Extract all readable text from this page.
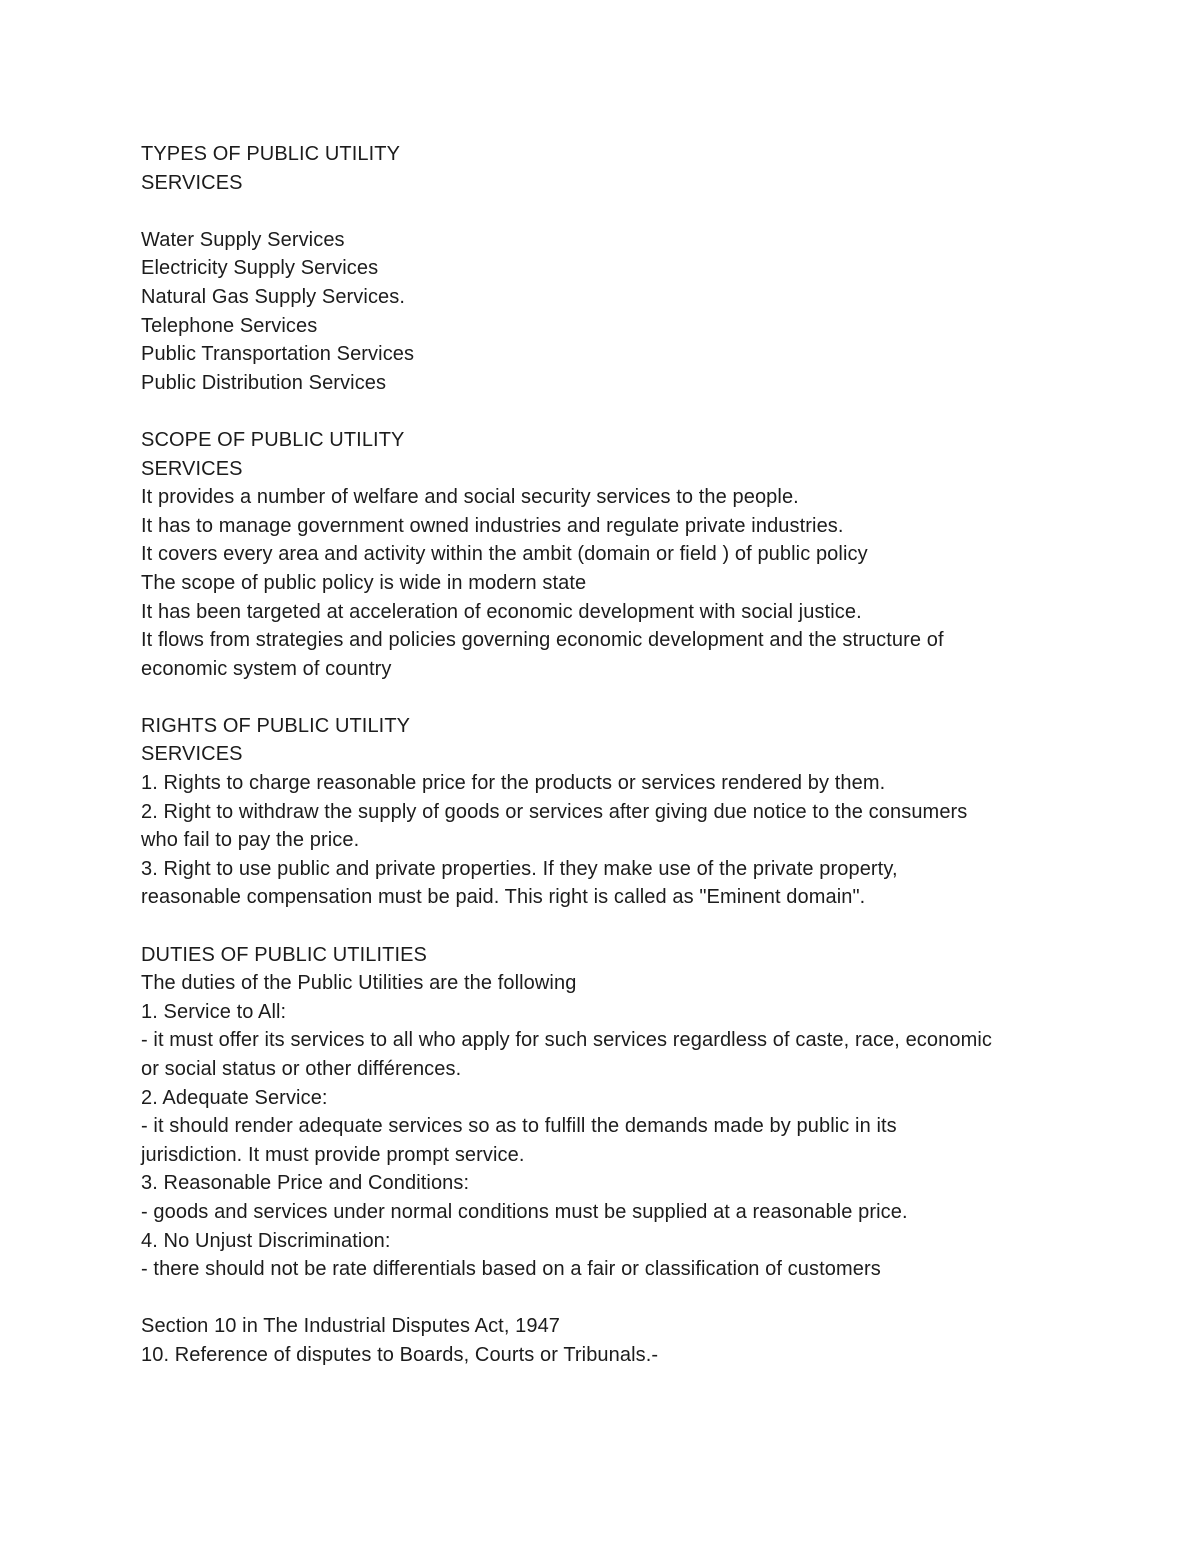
TYPES OF PUBLIC UTILITY
SERVICES
Water Supply Services
Electricity Supply Services
Natural Gas Supply Services.
Telephone Services
Public Transportation Services
Public Distribution Services
SCOPE OF PUBLIC UTILITY
SERVICES
It provides a number of welfare and social security services to the people.
It has to manage government owned industries and regulate private industries.
It covers every area and activity within the ambit (domain or field ) of public policy
The scope of public policy is wide in modern state
It has been targeted at acceleration of economic development with social justice.
It flows from strategies and policies governing economic development and the structure of
economic system of country
RIGHTS OF PUBLIC UTILITY
SERVICES
1. Rights to charge reasonable price for the products or services rendered by them.
2. Right to withdraw the supply of goods or services after giving due notice to the consumers
who fail to pay the price.
3. Right to use public and private properties. If they make use of the private property,
reasonable compensation must be paid. This right is called as "Eminent domain".
DUTIES OF PUBLIC UTILITIES
The duties of the Public Utilities are the following
1. Service to All:
- it must offer its services to all who apply for such services regardless of caste, race, economic
or social status or other différences.
2. Adequate Service:
- it should render adequate services so as to fulfill the demands made by public in its
jurisdiction. It must provide prompt service.
3. Reasonable Price and Conditions:
- goods and services under normal conditions must be supplied at a reasonable price.
4. No Unjust Discrimination:
- there should not be rate differentials based on a fair or classification of customers
Section 10 in The Industrial Disputes Act, 1947
10. Reference of disputes to Boards, Courts or Tribunals.-
